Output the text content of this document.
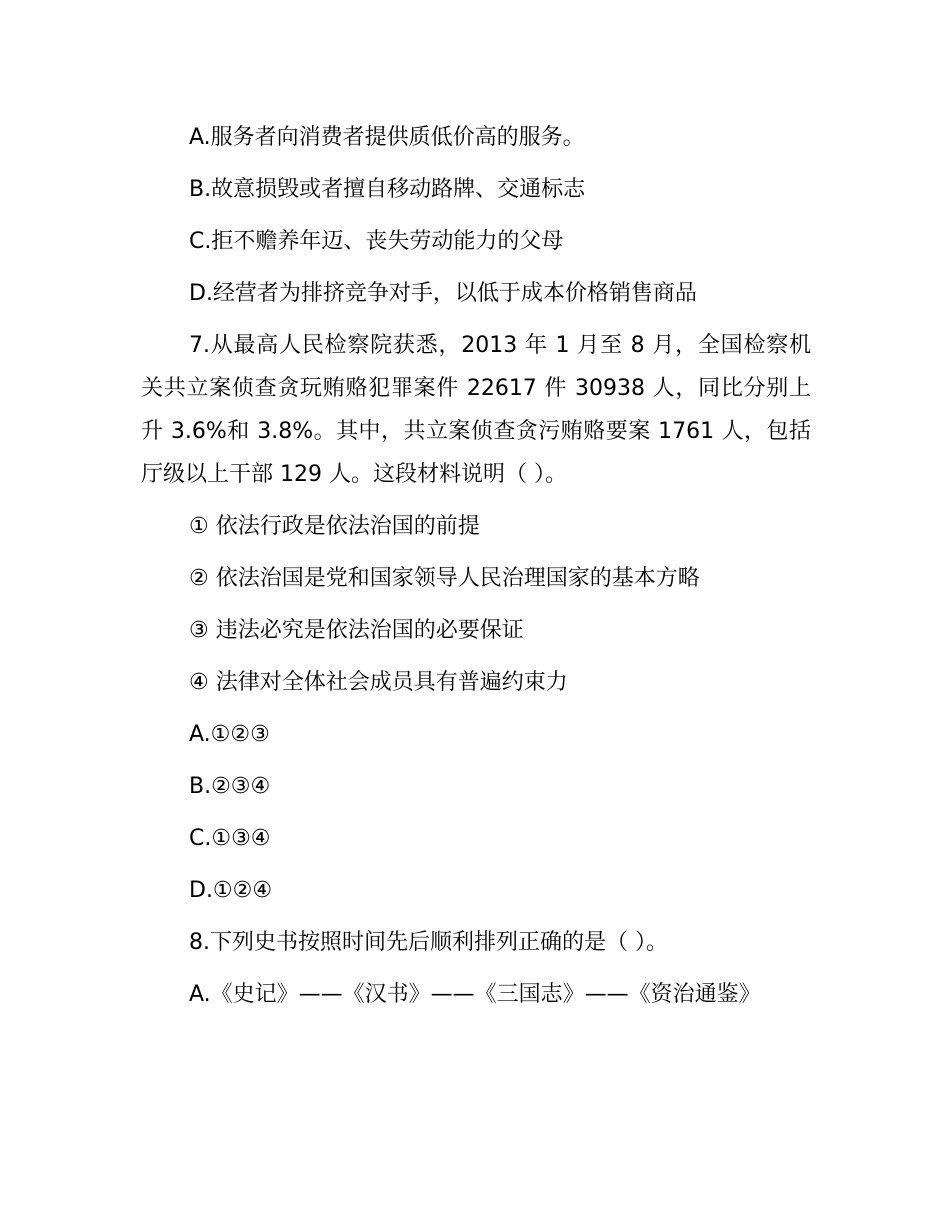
A.服务者向消费者提供质低价高的服务。

B.故意损毁或者擅自移动路牌、交通标志

C.拒不赡养年迈、丧失劳动能力的父母

D.经营者为排挤竞争对手，以低于成本价格销售商品

7.从最高人民检察院获悉，2013 年 1 月至 8 月，全国检察机关共立案侦查贪玩贿赂犯罪案件 22617 件 30938 人，同比分别上升 3.6%和 3.8%。其中，共立案侦查贪污贿赂要案 1761 人，包括厅级以上干部 129 人。这段材料说明（ ）。

① 依法行政是依法治国的前提

② 依法治国是党和国家领导人民治理国家的基本方略

③ 违法必究是依法治国的必要保证

④ 法律对全体社会成员具有普遍约束力

A.①②③

B.②③④

C.①③④

D.①②④

8.下列史书按照时间先后顺利排列正确的是（ ）。

A.《史记》——《汉书》——《三国志》——《资治通鉴》
